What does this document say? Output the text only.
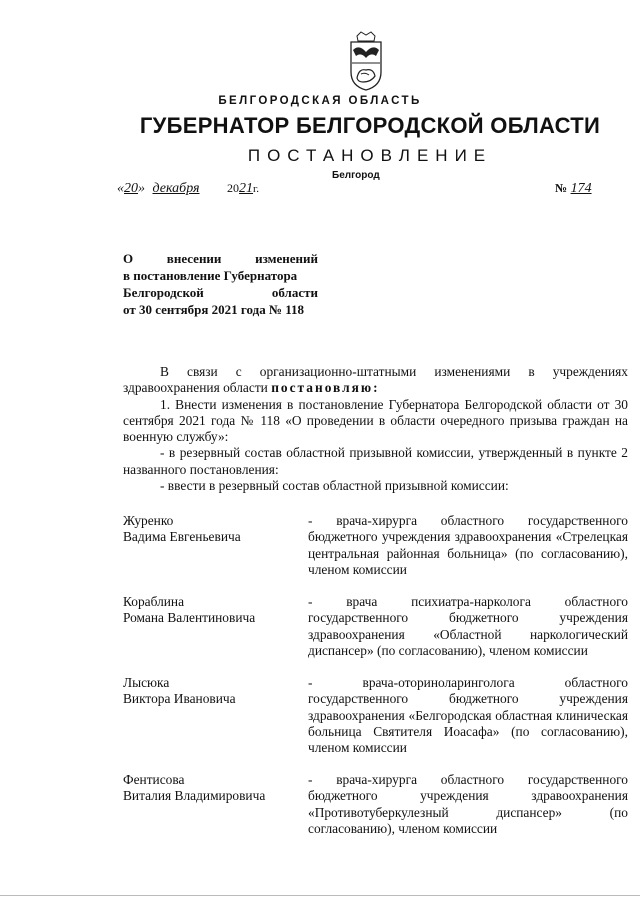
БЕЛГОРОДСКАЯ ОБЛАСТЬ
ГУБЕРНАТОР БЕЛГОРОДСКОЙ ОБЛАСТИ
ПОСТАНОВЛЕНИЕ
Белгород
«20» декабря 2021г.	№ 174
О внесении изменений
в постановление Губернатора
Белгородской области
от 30 сентября 2021 года № 118

В связи с организационно-штатными изменениями в учреждениях здравоохранения области постановляю:

1. Внести изменения в постановление Губернатора Белгородской области от 30 сентября 2021 года № 118 «О проведении в области очередного призыва граждан на военную службу»:

- в резервный состав областной призывной комиссии, утвержденный в пункте 2 названного постановления:

- ввести в резервный состав областной призывной комиссии:

Журенко
Вадима Евгеньевича
- врача-хирурга областного государственного бюджетного учреждения здравоохранения «Стрелецкая центральная районная больница» (по согласованию), членом комиссии
Кораблина
Романа Валентиновича
- врача психиатра-нарколога областного государственного бюджетного учреждения здравоохранения «Областной наркологический диспансер» (по согласованию), членом комиссии
Лысюка
Виктора Ивановича
- врача-оториноларинголога областного государственного бюджетного учреждения здравоохранения «Белгородская областная клиническая больница Святителя Иоасафа» (по согласованию), членом комиссии
Фентисова
Виталия Владимировича
- врача-хирурга областного государственного бюджетного учреждения здравоохранения «Противотуберкулезный диспансер» (по согласованию), членом комиссии
